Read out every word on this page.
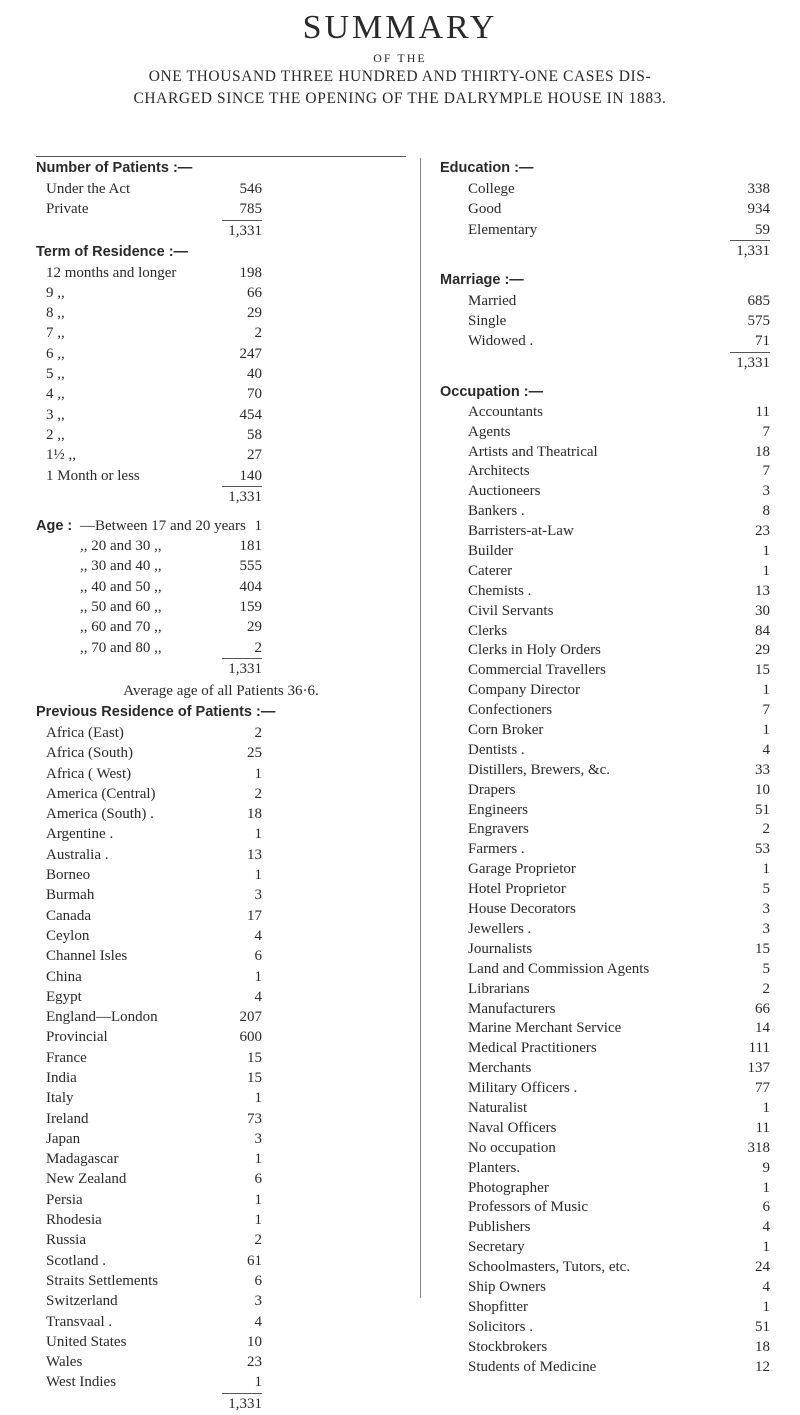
SUMMARY
OF THE
ONE THOUSAND THREE HUNDRED AND THIRTY-ONE CASES DIS-
CHARGED SINCE THE OPENING OF THE DALRYMPLE HOUSE IN 1883.
Number of Patients :—
Under the Act	546
Private	785
1,331
Term of Residence :—
12 months and longer	198
9 ,,	66
8 ,,	29
7 ,,	2
6 ,,	247
5 ,,	40
4 ,,	70
3 ,,	454
2 ,,	58
1½ ,,	27
1 Month or less	140
1,331
Age : —Between 17 and 20 years 1
,, 20 and 30 ,,	181
,, 30 and 40 ,,	555
,, 40 and 50 ,,	404
,, 50 and 60 ,,	159
,, 60 and 70 ,,	29
,, 70 and 80 ,,	2
1,331
Average age of all Patients 36·6.
Previous Residence of Patients :—
Africa (East)	2
Africa (South)	25
Africa ( West)	1
America (Central)	2
America (South) .	18
Argentine .	1
Australia .	13
Borneo	1
Burmah	3
Canada	17
Ceylon	4
Channel Isles	6
China	1
Egypt	4
England—London	207
Provincial	600
France	15
India	15
Italy	1
Ireland	73
Japan	3
Madagascar	1
New Zealand	6
Persia	1
Rhodesia	1
Russia	2
Scotland .	61
Straits Settlements	6
Switzerland	3
Transvaal .	4
United States	10
Wales	23
West Indies	1
1,331
Education :—
College	338
Good	934
Elementary	59
1,331
Marriage :—
Married	685
Single	575
Widowed .	71
1,331
Occupation :—
Accountants	11
Agents	7
Artists and Theatrical	18
Architects	7
Auctioneers	3
Bankers .	8
Barristers-at-Law	23
Builder	1
Caterer	1
Chemists .	13
Civil Servants	30
Clerks	84
Clerks in Holy Orders	29
Commercial Travellers	15
Company Director	1
Confectioners	7
Corn Broker	1
Dentists .	4
Distillers, Brewers, &c.	33
Drapers	10
Engineers	51
Engravers	2
Farmers .	53
Garage Proprietor	1
Hotel Proprietor	5
House Decorators	3
Jewellers .	3
Journalists	15
Land and Commission Agents	5
Librarians	2
Manufacturers	66
Marine Merchant Service	14
Medical Practitioners	111
Merchants	137
Military Officers .	77
Naturalist	1
Naval Officers	11
No occupation	318
Planters.	9
Photographer	1
Professors of Music	6
Publishers	4
Secretary	1
Schoolmasters, Tutors, etc.	24
Ship Owners	4
Shopfitter	1
Solicitors .	51
Stockbrokers	18
Students of Medicine	12
